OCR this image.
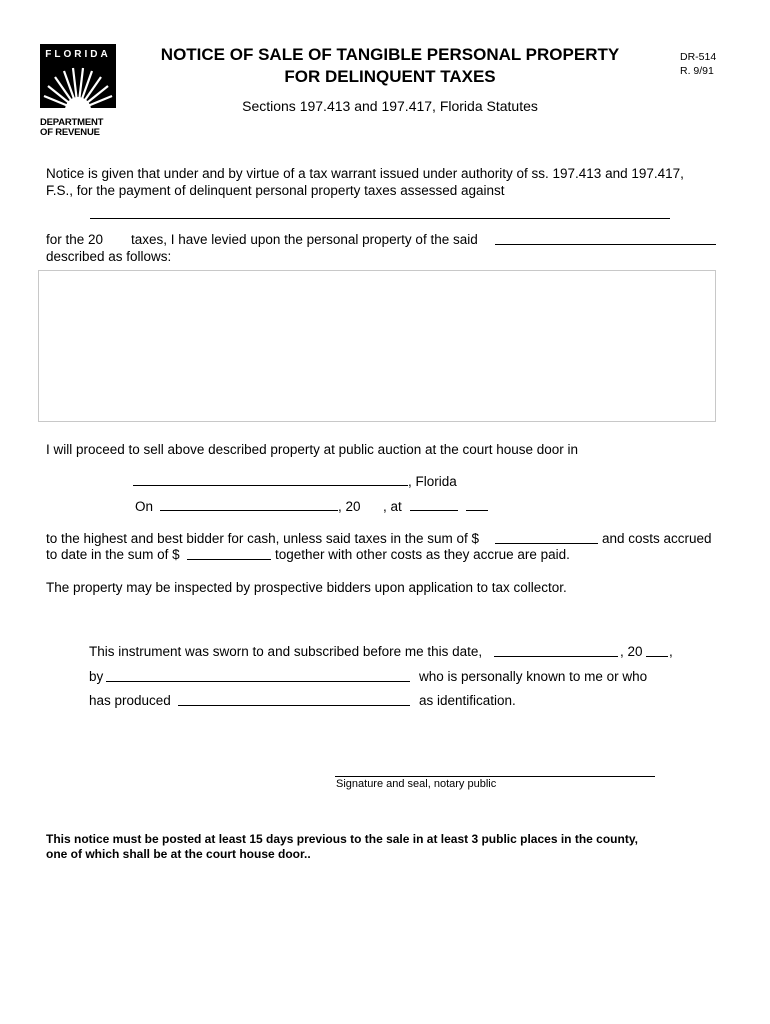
FLORIDA
DEPARTMENT
OF REVENUE
NOTICE OF SALE OF TANGIBLE PERSONAL PROPERTY
FOR DELINQUENT TAXES
DR-514
R. 9/91
Sections 197.413 and 197.417, Florida Statutes
Notice is given that under and by virtue of a tax warrant issued under authority of ss. 197.413 and 197.417,
F.S., for the payment of delinquent personal property taxes assessed against
for the 20 taxes, I have levied upon the personal property of the said
described as follows:
I will proceed to sell above described property at public auction at the court house door in
, Florida
On	, 20 , at
to the highest and best bidder for cash, unless said taxes in the sum of $	and costs accrued
to date in the sum of $	together with other costs as they accrue are paid.
The property may be inspected by prospective bidders upon application to tax collector.
This instrument was sworn to and subscribed before me this date,	, 20 ,
by	who is personally known to me or who
has produced	as identification.
Signature and seal, notary public
This notice must be posted at least 15 days previous to the sale in at least 3 public places in the county,
one of which shall be at the court house door..
